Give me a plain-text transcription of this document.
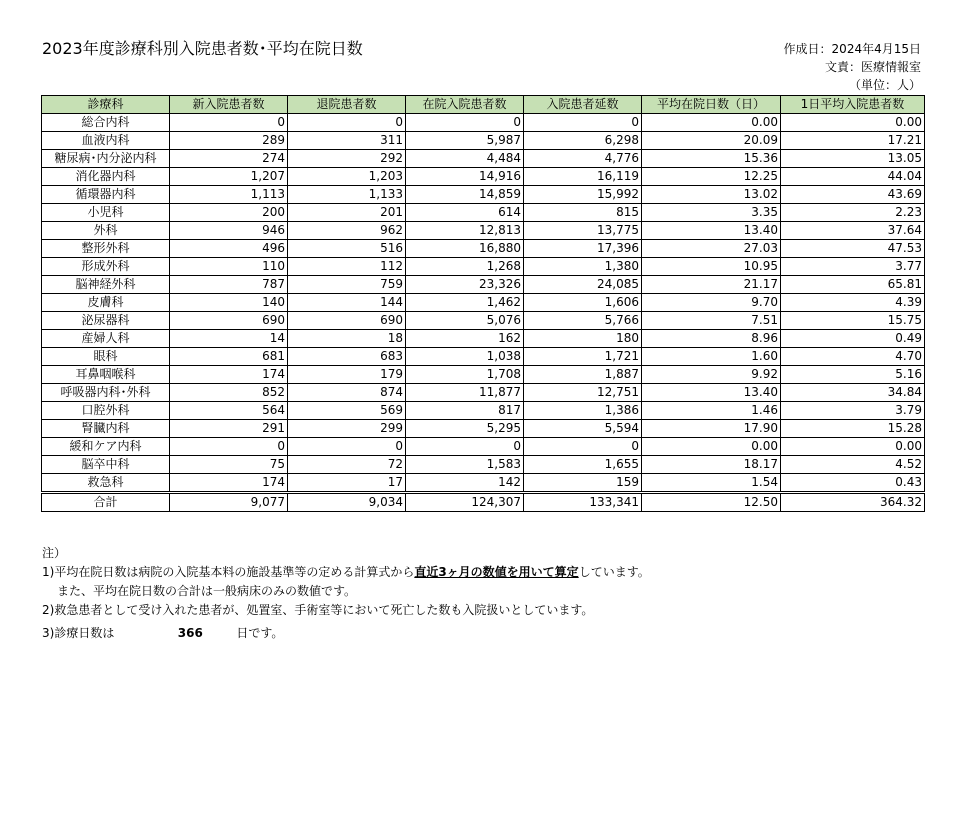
2023年度診療科別入院患者数･平均在院日数	作成日：2024年4月15日
文責：医療情報室
（単位：人）
診療科	新入院患者数	退院患者数	在院入院患者数	入院患者延数	平均在院日数（日）	1日平均入院患者数
総合内科	0	0	0	0	0.00	0.00
血液内科	289	311	5,987	6,298	20.09	17.21
糖尿病･内分泌内科	274	292	4,484	4,776	15.36	13.05
消化器内科	1,207	1,203	14,916	16,119	12.25	44.04
循環器内科	1,113	1,133	14,859	15,992	13.02	43.69
小児科	200	201	614	815	3.35	2.23
外科	946	962	12,813	13,775	13.40	37.64
整形外科	496	516	16,880	17,396	27.03	47.53
形成外科	110	112	1,268	1,380	10.95	3.77
脳神経外科	787	759	23,326	24,085	21.17	65.81
皮膚科	140	144	1,462	1,606	9.70	4.39
泌尿器科	690	690	5,076	5,766	7.51	15.75
産婦人科	14	18	162	180	8.96	0.49
眼科	681	683	1,038	1,721	1.60	4.70
耳鼻咽喉科	174	179	1,708	1,887	9.92	5.16
呼吸器内科･外科	852	874	11,877	12,751	13.40	34.84
口腔外科	564	569	817	1,386	1.46	3.79
腎臓内科	291	299	5,295	5,594	17.90	15.28
緩和ケア内科	0	0	0	0	0.00	0.00
脳卒中科	75	72	1,583	1,655	18.17	4.52
救急科	174	17	142	159	1.54	0.43
合計	9,077	9,034	124,307	133,341	12.50	364.32
注）
1)平均在院日数は病院の入院基本料の施設基準等の定める計算式から直近3ヶ月の数値を用いて算定しています。
また、平均在院日数の合計は一般病床のみの数値です。
2)救急患者として受け入れた患者が、処置室、手術室等において死亡した数も入院扱いとしています。
3)診療日数は	366	日です。
